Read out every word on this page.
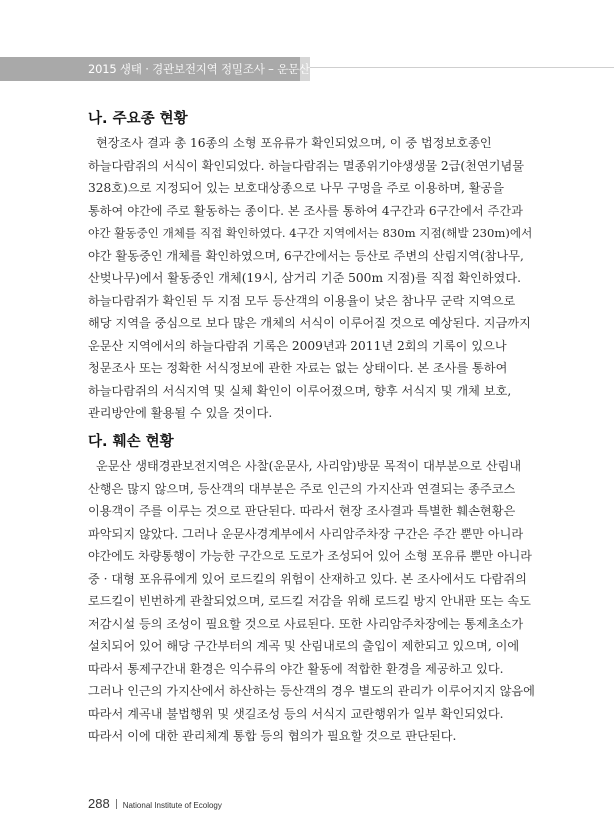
2015 생태 · 경관보전지역 정밀조사 – 운문산
나. 주요종 현황
현장조사 결과 총 16종의 소형 포유류가 확인되었으며, 이 중 법정보호종인
하늘다람쥐의 서식이 확인되었다. 하늘다람쥐는 멸종위기야생생물 2급(천연기념물
328호)으로 지정되어 있는 보호대상종으로 나무 구멍을 주로 이용하며, 활공을
통하여 야간에 주로 활동하는 종이다. 본 조사를 통하여 4구간과 6구간에서 주간과
야간 활동중인 개체를 직접 확인하였다. 4구간 지역에서는 830m 지점(해발 230m)에서
야간 활동중인 개체를 확인하였으며, 6구간에서는 등산로 주변의 산림지역(참나무,
산벚나무)에서 활동중인 개체(19시, 삼거리 기준 500m 지점)를 직접 확인하였다.
하늘다람쥐가 확인된 두 지점 모두 등산객의 이용율이 낮은 참나무 군락 지역으로
해당 지역을 중심으로 보다 많은 개체의 서식이 이루어질 것으로 예상된다. 지금까지
운문산 지역에서의 하늘다람쥐 기록은 2009년과 2011년 2회의 기록이 있으나
청문조사 또는 정확한 서식정보에 관한 자료는 없는 상태이다. 본 조사를 통하여
하늘다람쥐의 서식지역 및 실체 확인이 이루어졌으며, 향후 서식지 및 개체 보호,
관리방안에 활용될 수 있을 것이다.
다. 훼손 현황
운문산 생태경관보전지역은 사찰(운문사, 사리암)방문 목적이 대부분으로 산림내
산행은 많지 않으며, 등산객의 대부분은 주로 인근의 가지산과 연결되는 종주코스
이용객이 주를 이루는 것으로 판단된다. 따라서 현장 조사결과 특별한 훼손현황은
파악되지 않았다. 그러나 운문사경계부에서 사리암주차장 구간은 주간 뿐만 아니라
야간에도 차량통행이 가능한 구간으로 도로가 조성되어 있어 소형 포유류 뿐만 아니라
중 · 대형 포유류에게 있어 로드킬의 위험이 산재하고 있다. 본 조사에서도 다람쥐의
로드킬이 빈번하게 관찰되었으며, 로드킬 저감을 위해 로드킬 방지 안내판 또는 속도
저감시설 등의 조성이 필요할 것으로 사료된다. 또한 사리암주차장에는 통제초소가
설치되어 있어 해당 구간부터의 계곡 및 산림내로의 출입이 제한되고 있으며, 이에
따라서 통제구간내 환경은 익수류의 야간 활동에 적합한 환경을 제공하고 있다.
그러나 인근의 가지산에서 하산하는 등산객의 경우 별도의 관리가 이루어지지 않음에
따라서 계곡내 불법행위 및 샛길조성 등의 서식지 교란행위가 일부 확인되었다.
따라서 이에 대한 관리체계 통합 등의 협의가 필요할 것으로 판단된다.
288 National Institute of Ecology
